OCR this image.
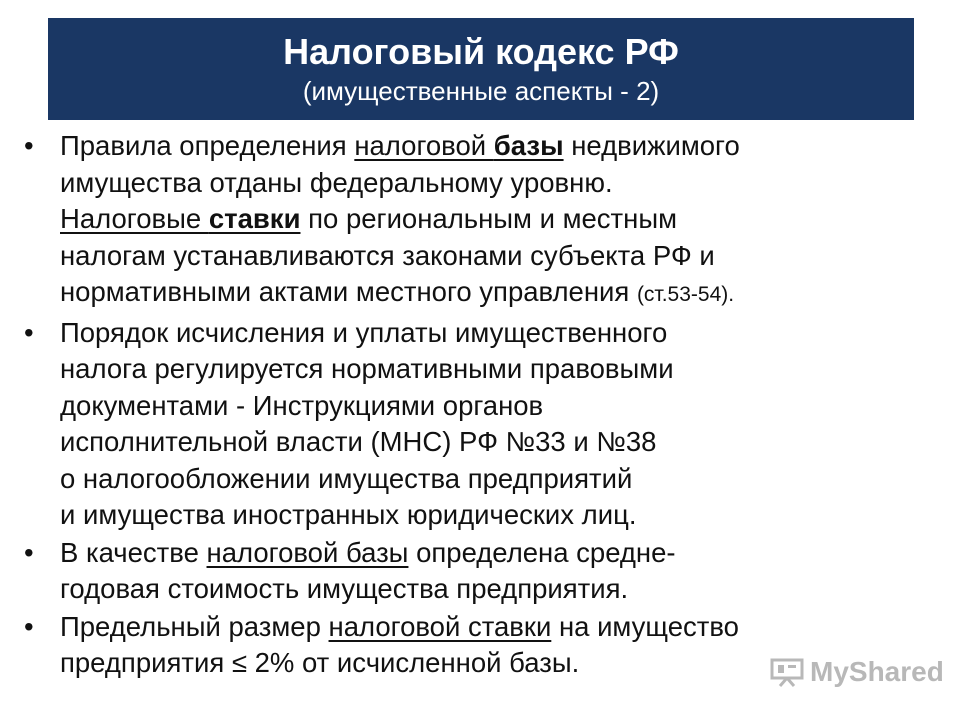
Налоговый кодекс РФ
(имущественные аспекты - 2)
• Правила определения налоговой базы недвижимого
имущества отданы федеральному уровню.
Налоговые ставки по региональным и местным
налогам устанавливаются законами субъекта РФ и
нормативными актами местного управления (ст.53-54).
• Порядок исчисления и уплаты имущественного
налога регулируется нормативными правовыми
документами - Инструкциями органов
исполнительной власти (МНС) РФ №33 и №38
о налогообложении имущества предприятий
и имущества иностранных юридических лиц.
• В качестве налоговой базы определена средне-
годовая стоимость имущества предприятия.
• Предельный размер налоговой ставки на имущество
предприятия ≤ 2% от исчисленной базы.	MyShared
